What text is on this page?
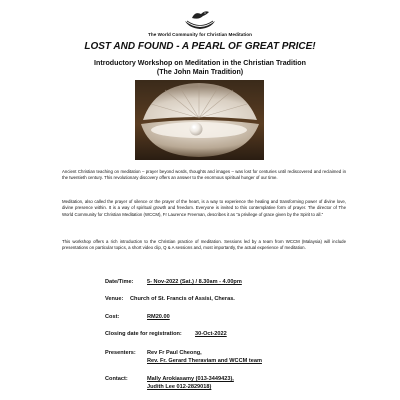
The World Community for Christian Meditation
LOST AND FOUND - A PEARL OF GREAT PRICE!
Introductory Workshop on Meditation in the Christian Tradition
(The John Main Tradition)

Ancient Christian teaching on meditation – prayer beyond words, thoughts and images – was lost for centuries until rediscovered and reclaimed in the twentieth century. This revolutionary discovery offers an answer to the enormous spiritual hunger of our time.

Meditation, also called the prayer of silence or the prayer of the heart, is a way to experience the healing and transforming power of divine love, divine presence within. It is a way of spiritual growth and freedom. Everyone is invited to this contemplative form of prayer. The director of The World Community for Christian Meditation (WCCM), Fr Laurence Freeman, describes it as “a privilege of grace given by the Spirit to all.”

This workshop offers a rich introduction to the Christian practice of meditation. Sessions led by a team from WCCM (Malaysia) will include presentations on particular topics, a short video clip, Q & A sessions and, most importantly, the actual experience of meditation.

Date/Time: 5- Nov-2022 (Sat.) / 8.30am - 4.00pm
Venue: Church of St. Francis of Assisi, Cheras.
Cost:	RM20.00
Closing date for registration: 30-Oct-2022
Presenters: Rev Fr Paul Cheong,
Rev. Fr. Gerard Theraviam and WCCM team
Contact:	Mally Arokiasamy (013-3449423),
Judith Lee 012-2829018)
